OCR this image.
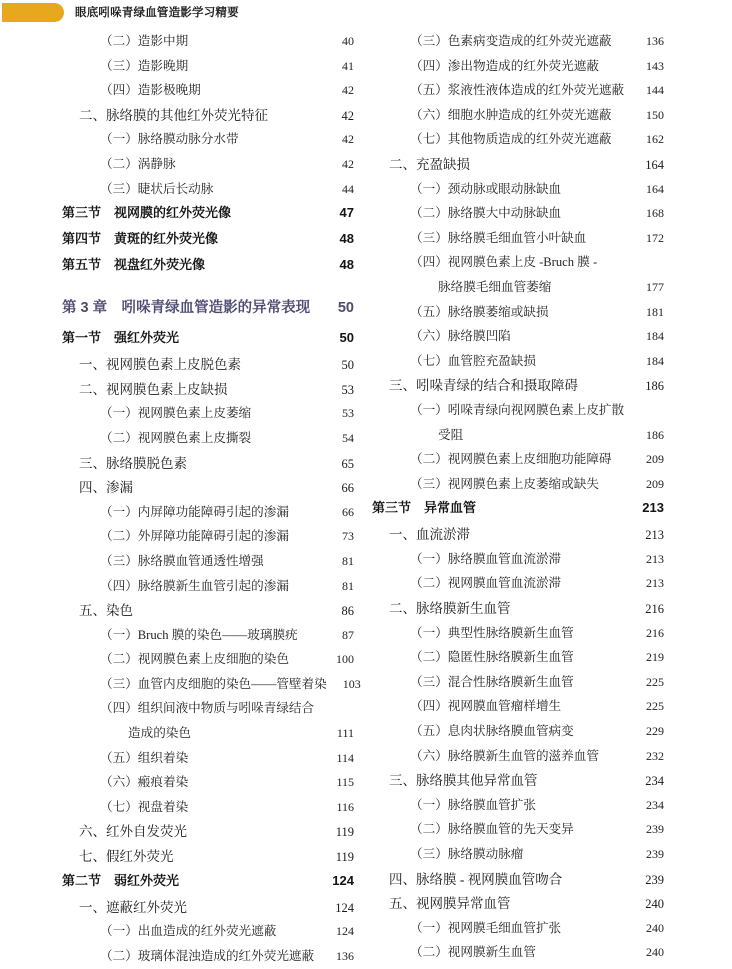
眼底吲哚青绿血管造影学习精要
（二）造影中期	40
（三）造影晚期	41
（四）造影极晚期	42
二、脉络膜的其他红外荧光特征	42
（一）脉络膜动脉分水带	42
（二）涡静脉	42
（三）睫状后长动脉	44
第三节　视网膜的红外荧光像	47
第四节　黄斑的红外荧光像	48
第五节　视盘红外荧光像	48
第 3 章　吲哚青绿血管造影的异常表现	50
第一节　强红外荧光	50
一、视网膜色素上皮脱色素	50
二、视网膜色素上皮缺损	53
（一）视网膜色素上皮萎缩	53
（二）视网膜色素上皮撕裂	54
三、脉络膜脱色素	65
四、渗漏	66
（一）内屏障功能障碍引起的渗漏	66
（二）外屏障功能障碍引起的渗漏	73
（三）脉络膜血管通透性增强	81
（四）脉络膜新生血管引起的渗漏	81
五、染色	86
（一）Bruch 膜的染色——玻璃膜疣	87
（二）视网膜色素上皮细胞的染色	100
（三）血管内皮细胞的染色——管壁着染	103
（四）组织间液中物质与吲哚青绿结合
造成的染色	111
（五）组织着染	114
（六）瘢痕着染	115
（七）视盘着染	116
六、红外自发荧光	119
七、假红外荧光	119
第二节　弱红外荧光	124
一、遮蔽红外荧光	124
（一）出血造成的红外荧光遮蔽	124
（二）玻璃体混浊造成的红外荧光遮蔽	136
（三）色素病变造成的红外荧光遮蔽	136
（四）渗出物造成的红外荧光遮蔽	143
（五）浆液性液体造成的红外荧光遮蔽	144
（六）细胞水肿造成的红外荧光遮蔽	150
（七）其他物质造成的红外荧光遮蔽	162
二、充盈缺损	164
（一）颈动脉或眼动脉缺血	164
（二）脉络膜大中动脉缺血	168
（三）脉络膜毛细血管小叶缺血	172
（四）视网膜色素上皮 -Bruch 膜 -
脉络膜毛细血管萎缩	177
（五）脉络膜萎缩或缺损	181
（六）脉络膜凹陷	184
（七）血管腔充盈缺损	184
三、吲哚青绿的结合和摄取障碍	186
（一）吲哚青绿向视网膜色素上皮扩散
受阻	186
（二）视网膜色素上皮细胞功能障碍	209
（三）视网膜色素上皮萎缩或缺失	209
第三节　异常血管	213
一、血流淤滞	213
（一）脉络膜血管血流淤滞	213
（二）视网膜血管血流淤滞	213
二、脉络膜新生血管	216
（一）典型性脉络膜新生血管	216
（二）隐匿性脉络膜新生血管	219
（三）混合性脉络膜新生血管	225
（四）视网膜血管瘤样增生	225
（五）息肉状脉络膜血管病变	229
（六）脉络膜新生血管的滋养血管	232
三、脉络膜其他异常血管	234
（一）脉络膜血管扩张	234
（二）脉络膜血管的先天变异	239
（三）脉络膜动脉瘤	239
四、脉络膜 - 视网膜血管吻合	239
五、视网膜异常血管	240
（一）视网膜毛细血管扩张	240
（二）视网膜新生血管	240
